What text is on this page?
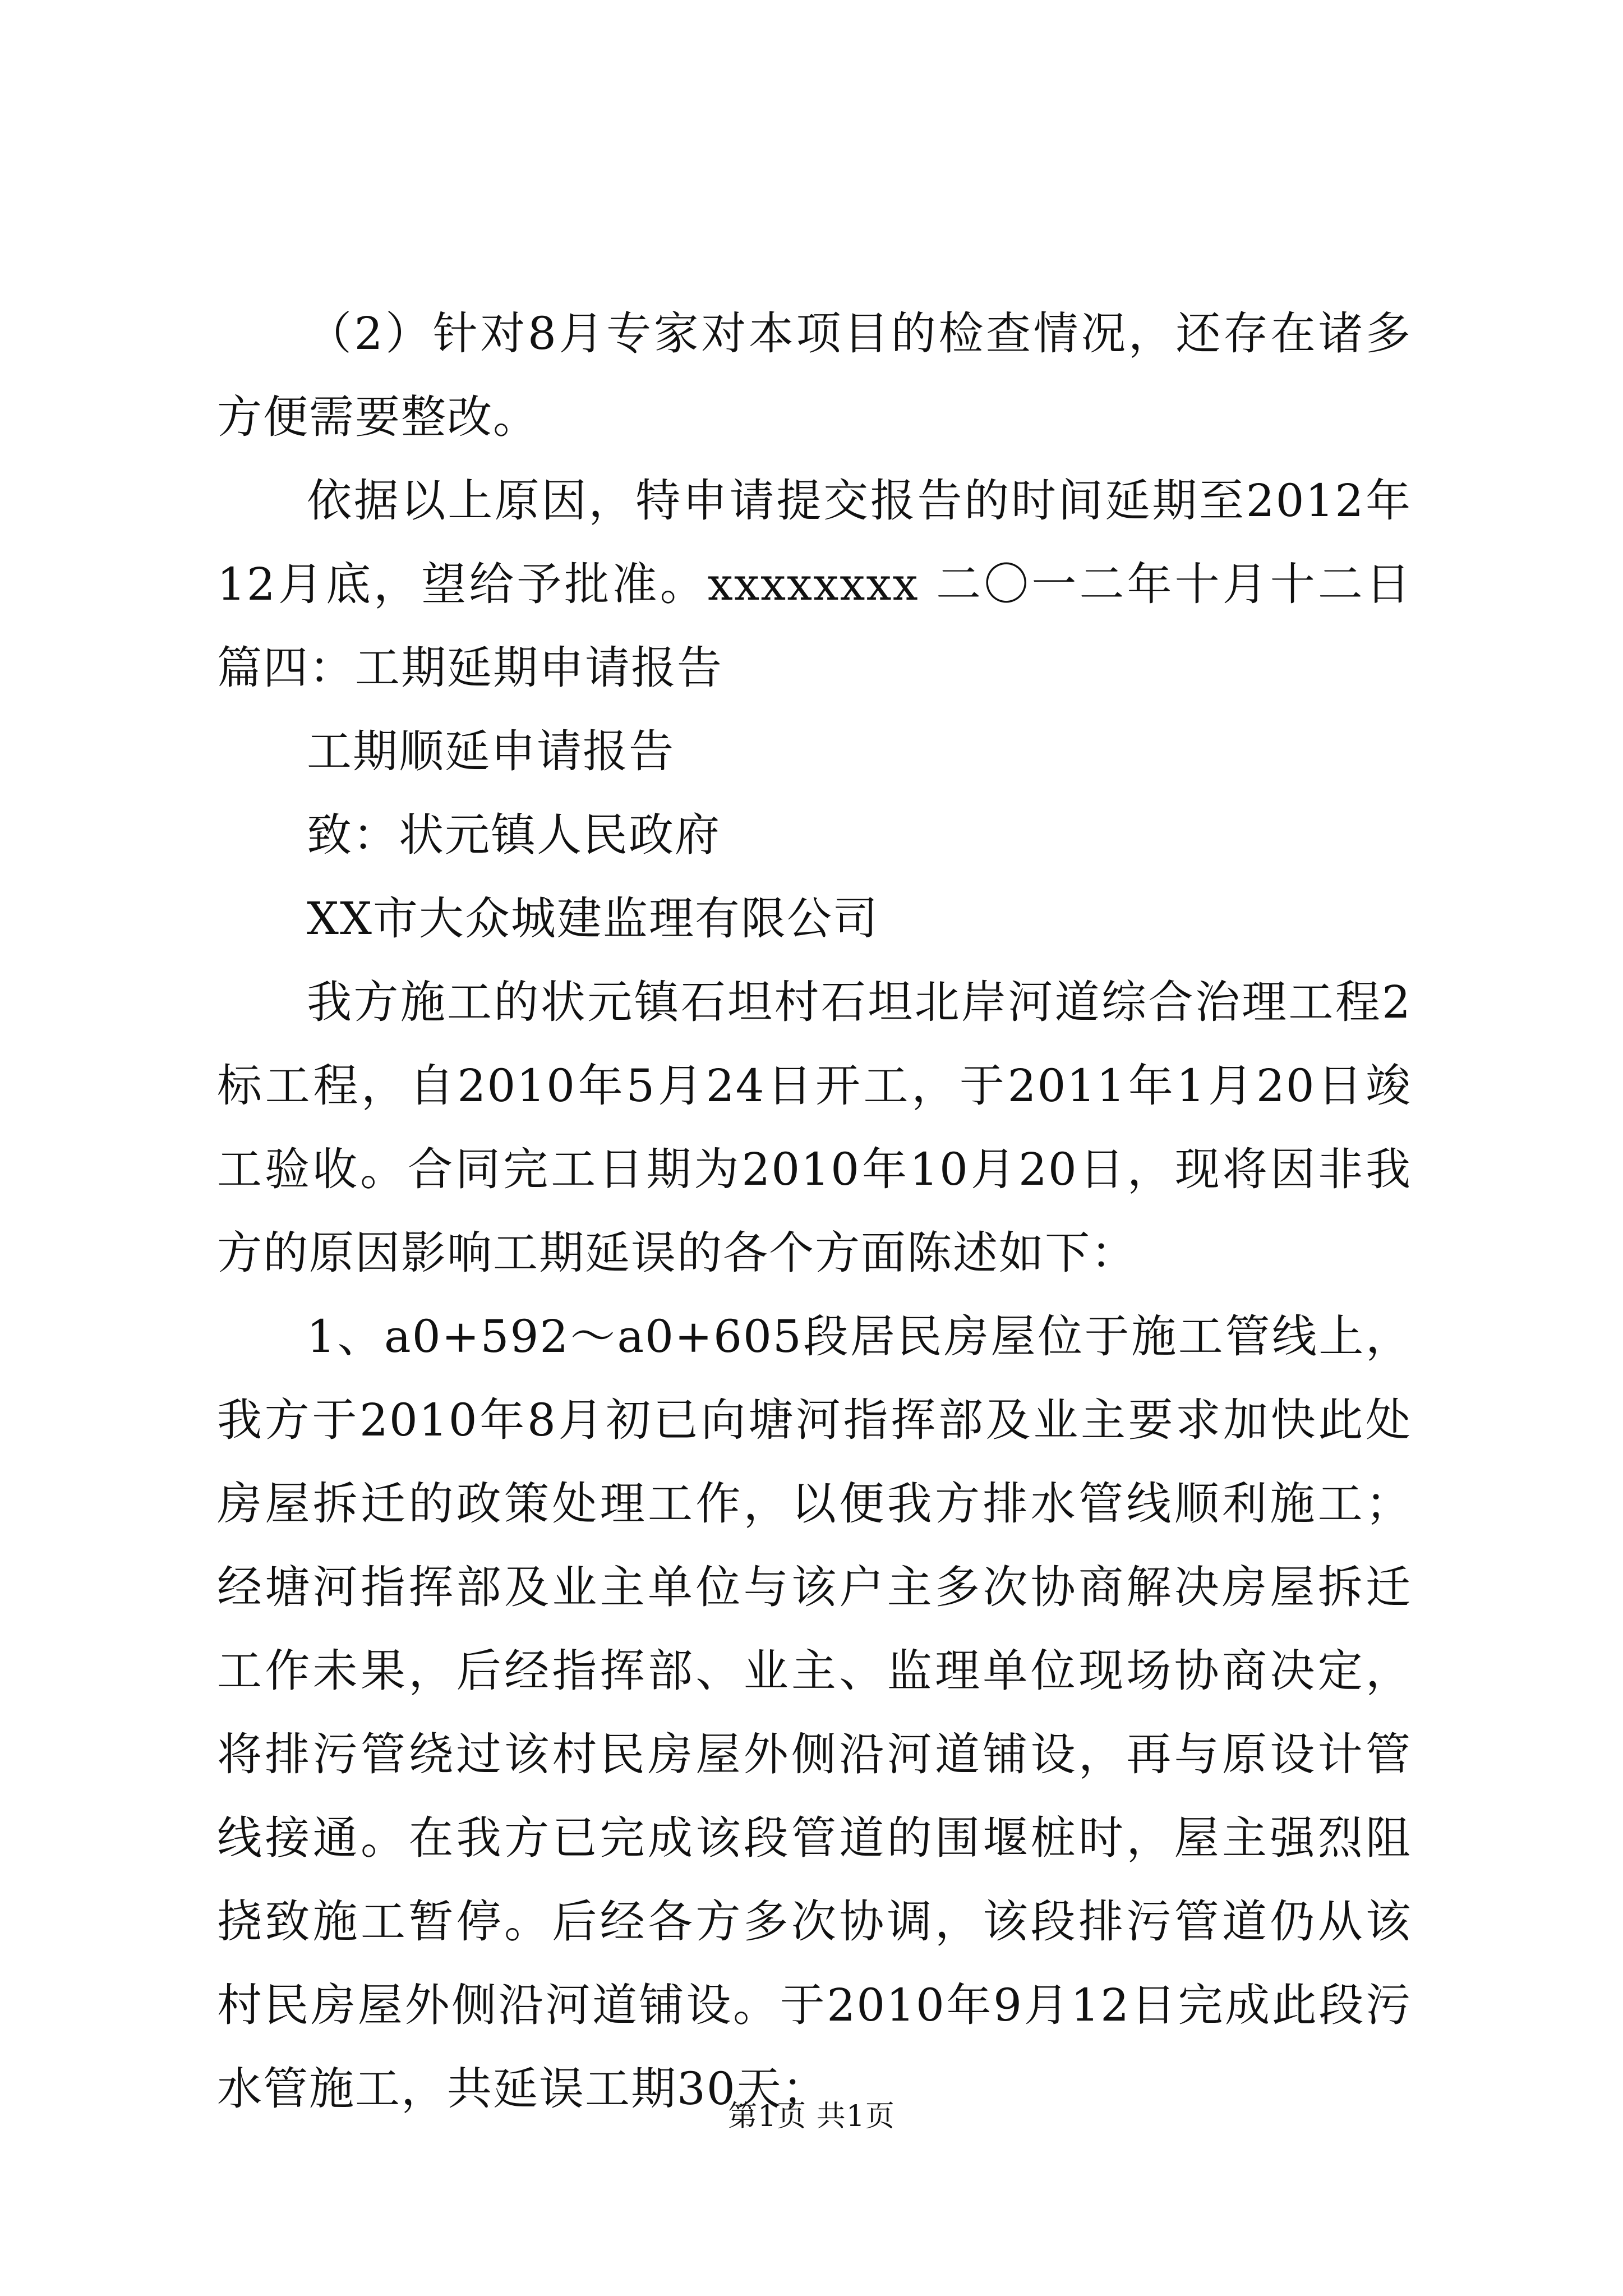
（2）针对8月专家对本项目的检查情况，还存在诸多方便需要整改。

依据以上原因，特申请提交报告的时间延期至2012年12月底，望给予批准。xxxxxxxx 二〇一二年十月十二日篇四：工期延期申请报告

工期顺延申请报告

致：状元镇人民政府

XX市大众城建监理有限公司

我方施工的状元镇石坦村石坦北岸河道综合治理工程2标工程，自2010年5月24日开工，于2011年1月20日竣工验收。合同完工日期为2010年10月20日，现将因非我方的原因影响工期延误的各个方面陈述如下：

1、a0+592～a0+605段居民房屋位于施工管线上，我方于2010年8月初已向塘河指挥部及业主要求加快此处房屋拆迁的政策处理工作，以便我方排水管线顺利施工；经塘河指挥部及业主单位与该户主多次协商解决房屋拆迁工作未果，后经指挥部、业主、监理单位现场协商决定，将排污管绕过该村民房屋外侧沿河道铺设，再与原设计管线接通。在我方已完成该段管道的围堰桩时，屋主强烈阻挠致施工暂停。后经各方多次协调，该段排污管道仍从该村民房屋外侧沿河道铺设。于2010年9月12日完成此段污水管施工，共延误工期30天；

第1页 共1页
